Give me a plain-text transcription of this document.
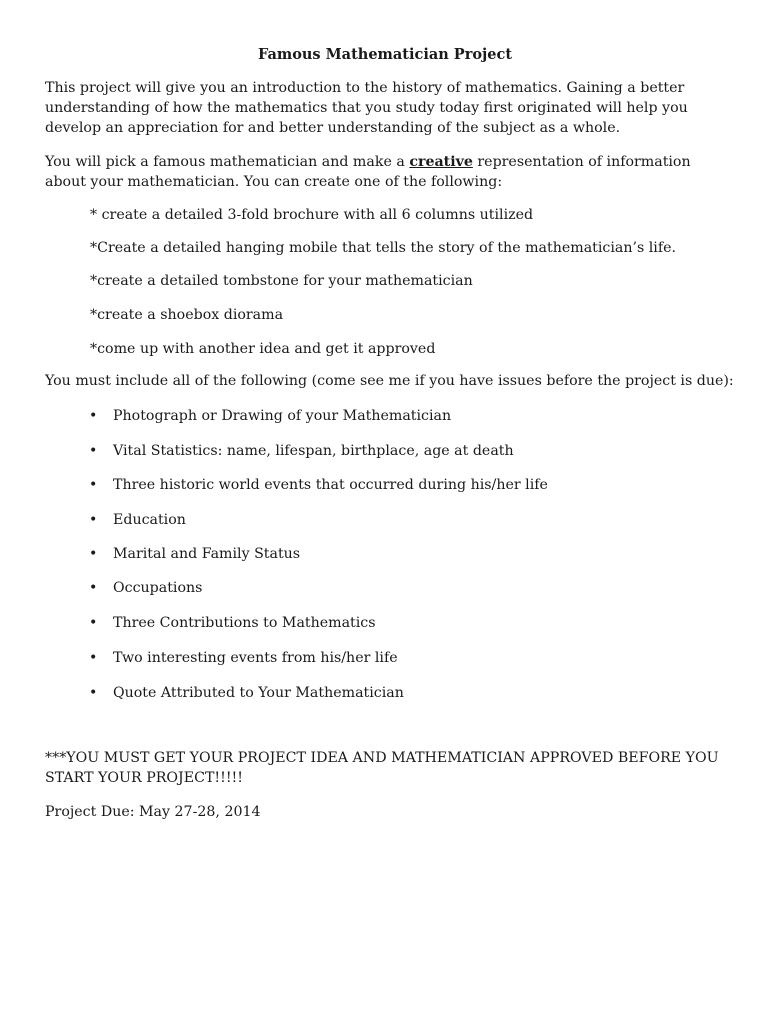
Famous Mathematician Project

This project will give you an introduction to the history of mathematics. Gaining a better understanding of how the mathematics that you study today first originated will help you develop an appreciation for and better understanding of the subject as a whole.

You will pick a famous mathematician and make a creative representation of information about your mathematician. You can create one of the following:

* create a detailed 3-fold brochure with all 6 columns utilized

*Create a detailed hanging mobile that tells the story of the mathematician’s life.

*create a detailed tombstone for your mathematician

*create a shoebox diorama

*come up with another idea and get it approved

You must include all of the following (come see me if you have issues before the project is due):

• Photograph or Drawing of your Mathematician
• Vital Statistics: name, lifespan, birthplace, age at death
• Three historic world events that occurred during his/her life
• Education
• Marital and Family Status
• Occupations
• Three Contributions to Mathematics
• Two interesting events from his/her life
• Quote Attributed to Your Mathematician

***YOU MUST GET YOUR PROJECT IDEA AND MATHEMATICIAN APPROVED BEFORE YOU START YOUR PROJECT!!!!!

Project Due: May 27-28, 2014
